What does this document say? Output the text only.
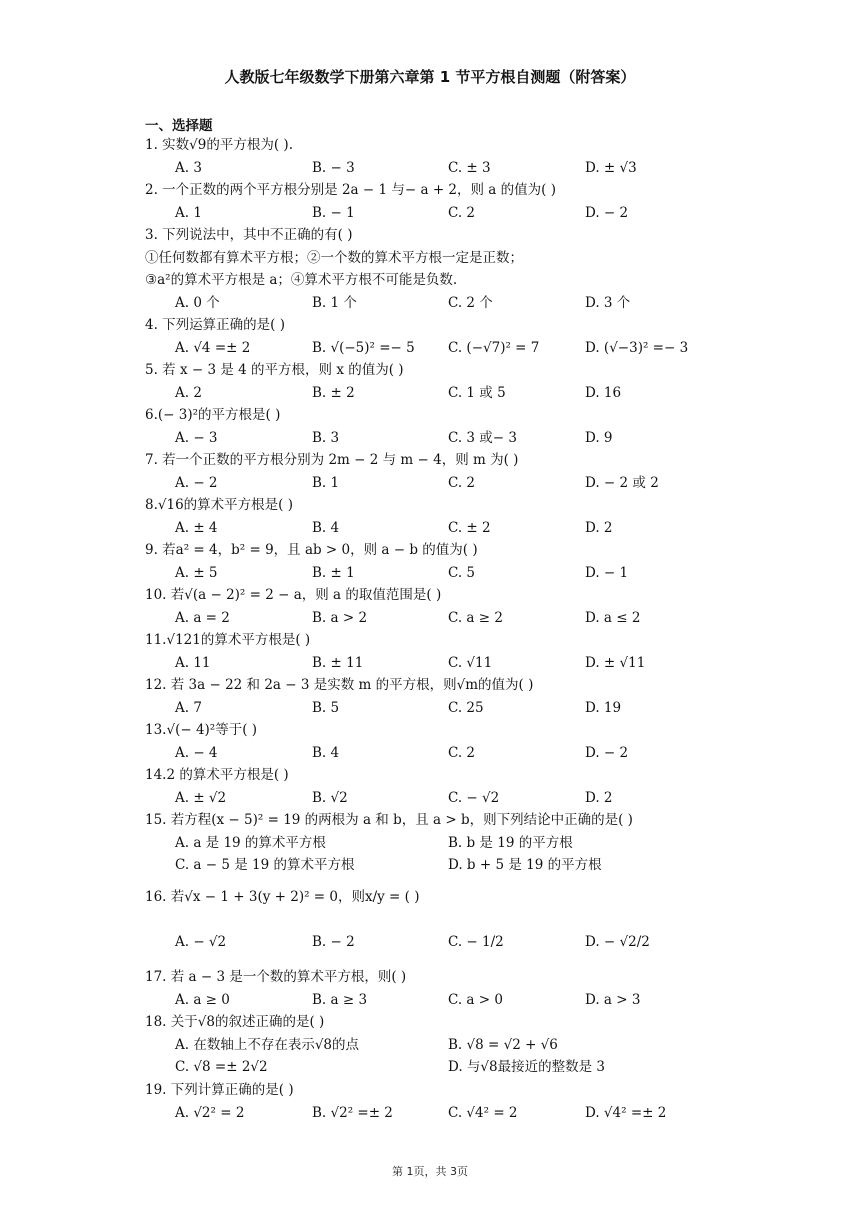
人教版七年级数学下册第六章第 1 节平方根自测题（附答案）
一、选择题
1. 实数√9的平方根为( ).
A. 3	B. − 3	C. ± 3	D. ± √3
2. 一个正数的两个平方根分别是 2a − 1 与− a + 2，则 a 的值为( )
A. 1	B. − 1	C. 2	D. − 2
3. 下列说法中，其中不正确的有( )
①任何数都有算术平方根；②一个数的算术平方根一定是正数；
③a²的算术平方根是 a；④算术平方根不可能是负数.
A. 0 个	B. 1 个	C. 2 个	D. 3 个
4. 下列运算正确的是( )
A. √4 =± 2	B. √(−5)² =− 5 C. (−√7)² = 7	D. (√−3)² =− 3
5. 若 x − 3 是 4 的平方根，则 x 的值为( )
A. 2	B. ± 2	C. 1 或 5	D. 16
6.(− 3)²的平方根是( )
A. − 3	B. 3	C. 3 或− 3	D. 9
7. 若一个正数的平方根分别为 2m − 2 与 m − 4，则 m 为( )
A. − 2	B. 1	C. 2	D. − 2 或 2
8.√16的算术平方根是( )
A. ± 4	B. 4	C. ± 2	D. 2
9. 若a² = 4，b² = 9，且 ab > 0，则 a − b 的值为( )
A. ± 5	B. ± 1	C. 5	D. − 1
10. 若√(a − 2)² = 2 − a，则 a 的取值范围是( )
A. a = 2	B. a > 2	C. a ≥ 2	D. a ≤ 2
11.√121的算术平方根是( )
A. 11	B. ± 11	C. √11	D. ± √11
12. 若 3a − 22 和 2a − 3 是实数 m 的平方根，则√m的值为( )
A. 7	B. 5	C. 25	D. 19
13.√(− 4)²等于( )
A. − 4	B. 4	C. 2	D. − 2
14.2 的算术平方根是( )
A. ± √2	B. √2	C. − √2	D. 2
15. 若方程(x − 5)² = 19 的两根为 a 和 b，且 a > b，则下列结论中正确的是( )
A. a 是 19 的算术平方根	B. b 是 19 的平方根
C. a − 5 是 19 的算术平方根	D. b + 5 是 19 的平方根
16. 若√x − 1 + 3(y + 2)² = 0，则x/y = ( )
A. − √2	B. − 2	C. − 1/2	D. − √2/2
17. 若 a − 3 是一个数的算术平方根，则( )
A. a ≥ 0	B. a ≥ 3	C. a > 0	D. a > 3
18. 关于√8的叙述正确的是( )
A. 在数轴上不存在表示√8的点	B. √8 = √2 + √6
C. √8 =± 2√2	D. 与√8最接近的整数是 3
19. 下列计算正确的是( )
A. √2² = 2	B. √2² =± 2	C. √4² = 2	D. √4² =± 2
第 1页，共 3页
